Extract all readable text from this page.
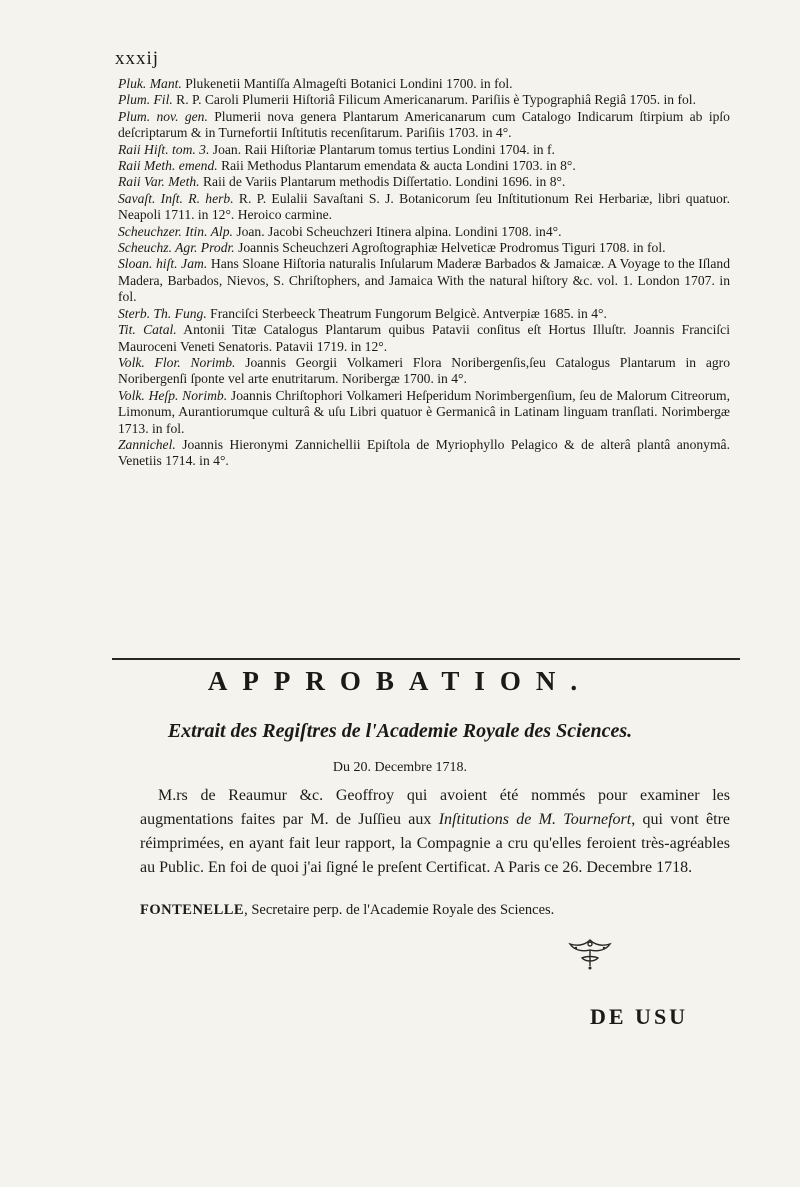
xxxij

Pluk. Mant. Plukenetii Mantiſſa Almageſti Botanici Londini 1700. in fol.

Plum. Fil. R. P. Caroli Plumerii Hiſtoriâ Filicum Americanarum. Pariſiis è Typographiâ Regiâ 1705. in fol.

Plum. nov. gen. Plumerii nova genera Plantarum Americanarum cum Catalogo Indicarum ſtirpium ab ipſo deſcriptarum & in Turnefortii Inſtitutis recenſitarum. Pariſiis 1703. in 4°.

Raii Hiſt. tom. 3. Joan. Raii Hiſtoriæ Plantarum tomus tertius Londini 1704. in f.

Raii Meth. emend. Raii Methodus Plantarum emendata & aucta Londini 1703. in 8°.

Raii Var. Meth. Raii de Variis Plantarum methodis Diſſertatio. Londini 1696. in 8°.

Savaſt. Inſt. R. herb. R. P. Eulalii Savaſtani S. J. Botanicorum ſeu Inſtitutionum Rei Herbariæ, libri quatuor. Neapoli 1711. in 12°. Heroico carmine.

Scheuchzer. Itin. Alp. Joan. Jacobi Scheuchzeri Itinera alpina. Londini 1708. in4°.

Scheuchz. Agr. Prodr. Joannis Scheuchzeri Agroſtographiæ Helveticæ Prodromus Tiguri 1708. in fol.

Sloan. hiſt. Jam. Hans Sloane Hiſtoria naturalis Inſularum Maderæ Barbados & Jamaicæ. A Voyage to the Iſland Madera, Barbados, Nievos, S. Chriſtophers, and Jamaica With the natural hiſtory &c. vol. 1. London 1707. in fol.

Sterb. Th. Fung. Franciſci Sterbeeck Theatrum Fungorum Belgicè. Antverpiæ 1685. in 4°.

Tit. Catal. Antonii Titæ Catalogus Plantarum quibus Patavii conſitus eſt Hortus Illuſtr. Joannis Franciſci Mauroceni Veneti Senatoris. Patavii 1719. in 12°.

Volk. Flor. Norimb. Joannis Georgii Volkameri Flora Noribergenſis,ſeu Catalogus Plantarum in agro Noribergenſi ſponte vel arte enutritarum. Noribergæ 1700. in 4°.

Volk. Heſp. Norimb. Joannis Chriſtophori Volkameri Heſperidum Norimbergenſium, ſeu de Malorum Citreorum, Limonum, Aurantiorumque culturâ & uſu Libri quatuor è Germanicâ in Latinam linguam tranſlati. Norimbergæ 1713. in fol.

Zannichel. Joannis Hieronymi Zannichellii Epiſtola de Myriophyllo Pelagico & de alterâ plantâ anonymâ. Venetiis 1714. in 4°.

APPROBATION.
Extrait des Regiſtres de l'Academie Royale des Sciences.
Du 20. Decembre 1718.
M.rs de Reaumur &c. Geoffroy qui avoient été nommés pour examiner les augmentations faites par M. de Juſſieu aux Inſtitutions de M. Tournefort, qui vont être réimprimées, en ayant fait leur rapport, la Compagnie a cru qu'elles feroient très-agréables au Public. En foi de quoi j'ai ſigné le preſent Certificat. A Paris ce 26. Decembre 1718.
FONTENELLE, Secretaire perp. de l'Academie Royale des Sciences.
DE USU
